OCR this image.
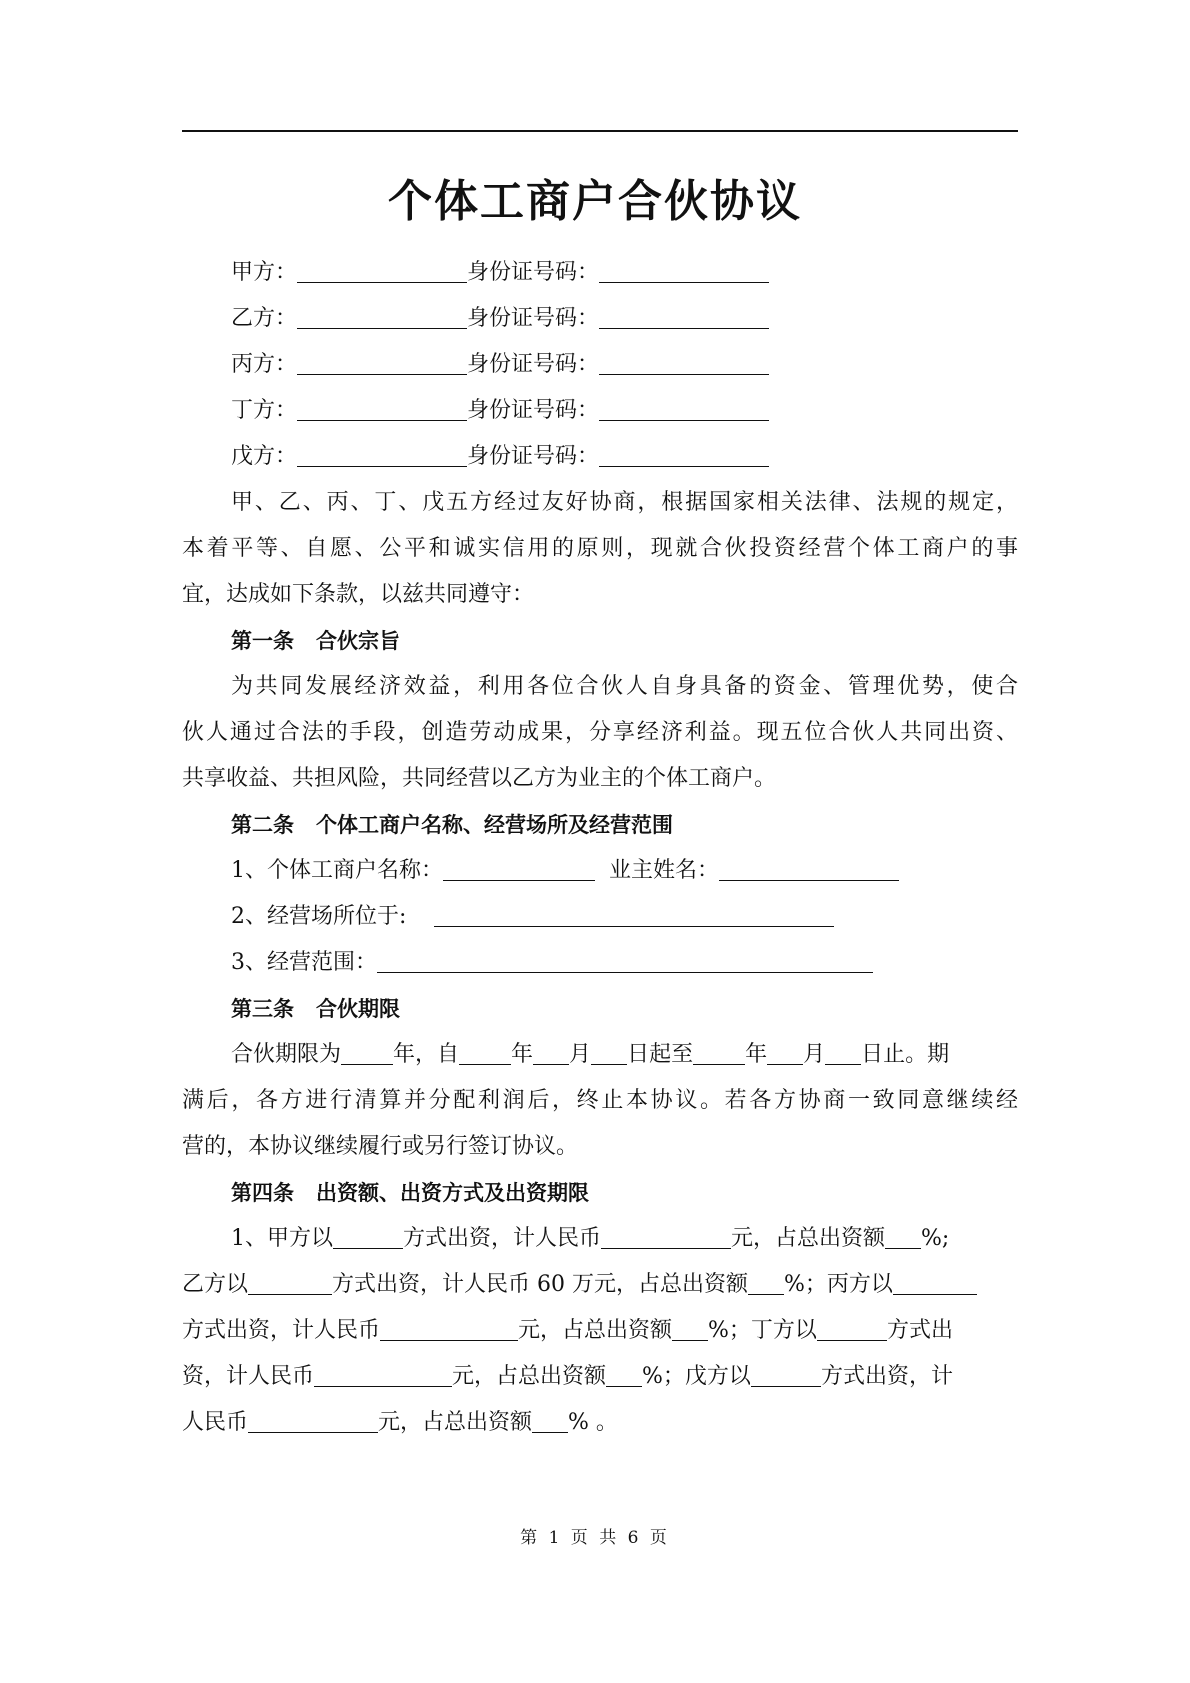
个体工商户合伙协议
甲方：	身份证号码：
乙方：	身份证号码：
丙方：	身份证号码：
丁方：	身份证号码：
戊方：	身份证号码：
甲、乙、丙、丁、戊五方经过友好协商，根据国家相关法律、法规的规定，
本着平等、自愿、公平和诚实信用的原则，现就合伙投资经营个体工商户的事
宜，达成如下条款，以兹共同遵守：
第一条 合伙宗旨
为共同发展经济效益，利用各位合伙人自身具备的资金、管理优势，使合
伙人通过合法的手段，创造劳动成果，分享经济利益。现五位合伙人共同出资、
共享收益、共担风险，共同经营以乙方为业主的个体工商户。
第二条 个体工商户名称、经营场所及经营范围
1、个体工商户名称：	业主姓名：
2、经营场所位于:
3、经营范围：
第三条 合伙期限
合伙期限为 年，自 年 月 日起至 年 月 日止。期
满后，各方进行清算并分配利润后，终止本协议。若各方协商一致同意继续经
营的，本协议继续履行或另行签订协议。
第四条 出资额、出资方式及出资期限
1、甲方以	方式出资，计人民币	元，占总出资额 %;
乙方以	方式出资，计人民币 60 万元，占总出资额 %；丙方以
方式出资，计人民币	元，占总出资额 %；丁方以	方式出
资，计人民币	元，占总出资额 %；戊方以	方式出资，计
人民币	元，占总出资额 % 。
第 1 页 共 6 页
